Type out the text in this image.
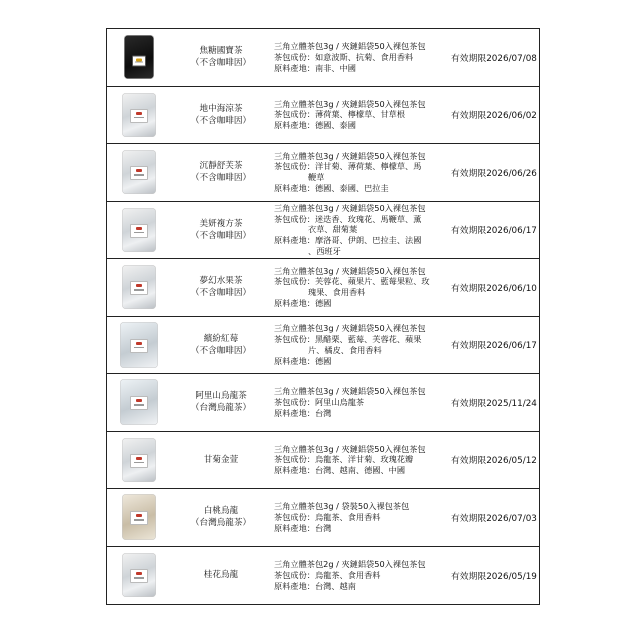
焦糖國寶茶
（不含咖啡因）
三角立體茶包3g / 夾鏈鋁袋50入裸包茶包
茶包成份：如意波斯、抗菊、食用香料
原料產地：南非、中國
有效期限2026/07/08
地中海涼茶
（不含咖啡因）
三角立體茶包3g / 夾鏈鋁袋50入裸包茶包
茶包成份：薄荷葉、檸檬草、甘草根
原料產地：德國、泰國
有效期限2026/06/02
沉靜舒芙茶
（不含咖啡因）
三角立體茶包3g / 夾鏈鋁袋50入裸包茶包
茶包成份：洋甘菊、薄荷葉、檸檬草、馬
鞭草
原料產地：德國、泰國、巴拉圭
有效期限2026/06/26
美妍複方茶
（不含咖啡因）
三角立體茶包3g / 夾鏈鋁袋50入裸包茶包
茶包成份：迷迭香、玫瑰花、馬鞭草、薰
衣草、甜菊葉
原料產地：摩洛哥、伊朗、巴拉圭、法國
、西班牙
有效期限2026/06/17
夢幻水果茶
（不含咖啡因）
三角立體茶包3g / 夾鏈鋁袋50入裸包茶包
茶包成份：芙蓉花、蘋果片、藍莓果粒、玫
瑰果、食用香料
原料產地：德國
有效期限2026/06/10
繽紛紅莓
（不含咖啡因）
三角立體茶包3g / 夾鏈鋁袋50入裸包茶包
茶包成份：黑醋栗、藍莓、芙蓉花、蘋果
片、橘皮、食用香料
原料產地：德國
有效期限2026/06/17
阿里山烏龍茶
（台灣烏龍茶）
三角立體茶包3g / 夾鏈鋁袋50入裸包茶包
茶包成份：阿里山烏龍茶
原料產地：台灣
有效期限2025/11/24
甘菊金萱
三角立體茶包3g / 夾鏈鋁袋50入裸包茶包
茶包成份：烏龍茶、洋甘菊、玫瑰花瓣
原料產地：台灣、越南、德國、中國
有效期限2026/05/12
白桃烏龍
（台灣烏龍茶）
三角立體茶包3g / 袋裝50入裸包茶包
茶包成份：烏龍茶、食用香料
原料產地：台灣
有效期限2026/07/03
桂花烏龍
三角立體茶包2g / 夾鏈鋁袋50入裸包茶包
茶包成份：烏龍茶、食用香料
原料產地：台灣、越南
有效期限2026/05/19
